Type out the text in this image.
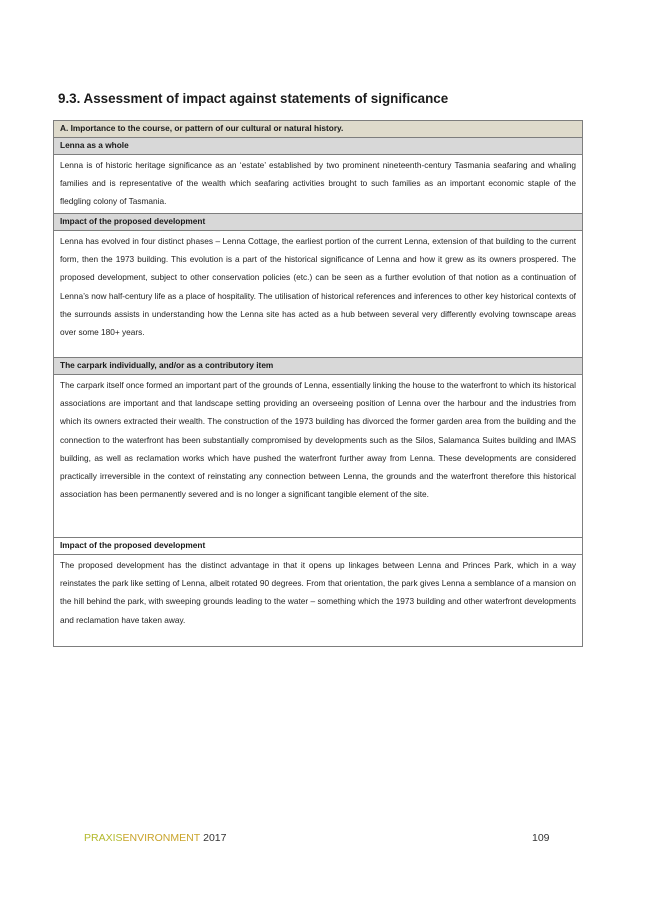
9.3. Assessment of impact against statements of significance
A. Importance to the course, or pattern of our cultural or natural history.
Lenna as a whole

Lenna is of historic heritage significance as an ‘estate’ established by two prominent nineteenth-century Tasmania seafaring and whaling families and is representative of the wealth which seafaring activities brought to such families as an important economic staple of the fledgling colony of Tasmania.

Impact of the proposed development

Lenna has evolved in four distinct phases – Lenna Cottage, the earliest portion of the current Lenna, extension of that building to the current form, then the 1973 building. This evolution is a part of the historical significance of Lenna and how it grew as its owners prospered. The proposed development, subject to other conservation policies (etc.) can be seen as a further evolution of that notion as a continuation of Lenna’s now half-century life as a place of hospitality. The utilisation of historical references and inferences to other key historical contexts of the surrounds assists in understanding how the Lenna site has acted as a hub between several very differently evolving townscape areas over some 180+ years.

The carpark individually, and/or as a contributory item

The carpark itself once formed an important part of the grounds of Lenna, essentially linking the house to the waterfront to which its historical associations are important and that landscape setting providing an overseeing position of Lenna over the harbour and the industries from which its owners extracted their wealth. The construction of the 1973 building has divorced the former garden area from the building and the connection to the waterfront has been substantially compromised by developments such as the Silos, Salamanca Suites building and IMAS building, as well as reclamation works which have pushed the waterfront further away from Lenna. These developments are considered practically irreversible in the context of reinstating any connection between Lenna, the grounds and the waterfront therefore this historical association has been permanently severed and is no longer a significant tangible element of the site.

Impact of the proposed development

The proposed development has the distinct advantage in that it opens up linkages between Lenna and Princes Park, which in a way reinstates the park like setting of Lenna, albeit rotated 90 degrees. From that orientation, the park gives Lenna a semblance of a mansion on the hill behind the park, with sweeping grounds leading to the water – something which the 1973 building and other waterfront developments and reclamation have taken away.

PRAXISENVIRONMENT 2017	109
